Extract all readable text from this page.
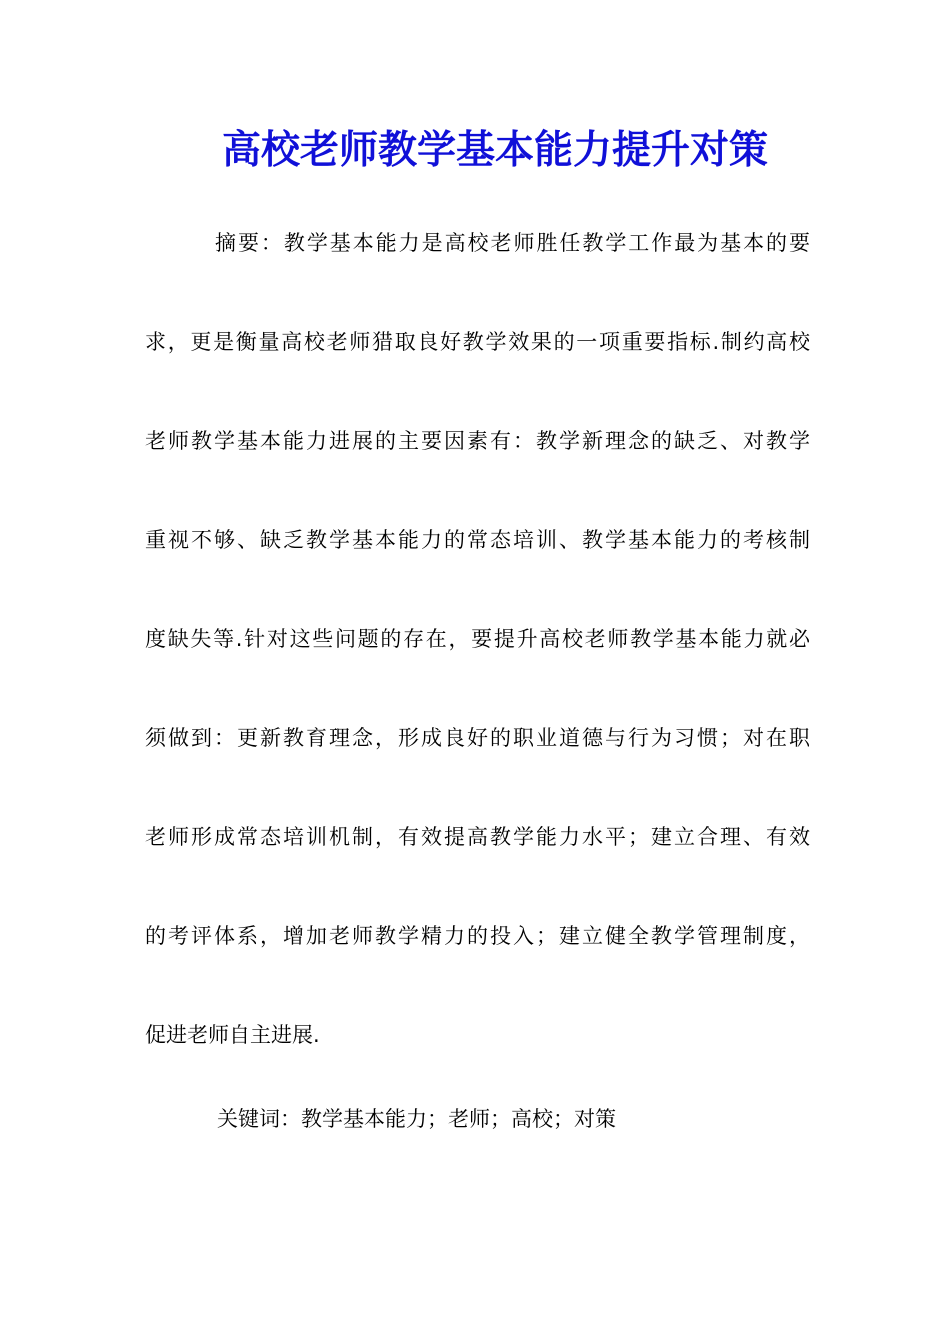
高校老师教学基本能力提升对策
摘要：教学基本能力是高校老师胜任教学工作最为基本的要
求，更是衡量高校老师猎取良好教学效果的一项重要指标.制约高校
老师教学基本能力进展的主要因素有：教学新理念的缺乏、对教学
重视不够、缺乏教学基本能力的常态培训、教学基本能力的考核制
度缺失等.针对这些问题的存在，要提升高校老师教学基本能力就必
须做到：更新教育理念，形成良好的职业道德与行为习惯；对在职
老师形成常态培训机制，有效提高教学能力水平；建立合理、有效
的考评体系，增加老师教学精力的投入；建立健全教学管理制度，
促进老师自主进展.
关键词：教学基本能力；老师；高校；对策
